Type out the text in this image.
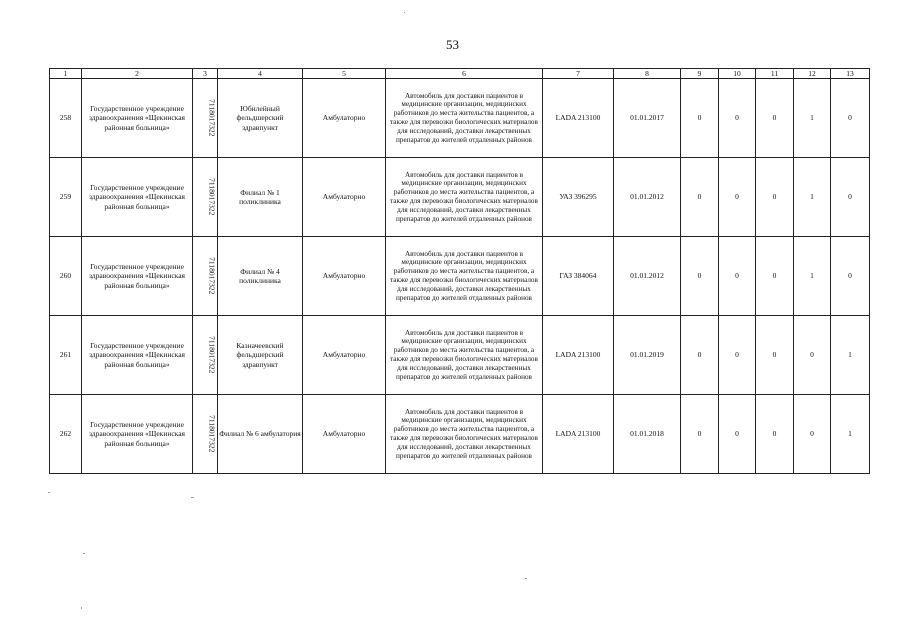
53
1	2	3	4	5	6	7	8	9	10	11	12	13

258	Государственное учреждение здравоохранения «Щекинская районная больница»	7118017322	Юбилейный фельдшерский здравпункт	Амбулаторно	Автомобиль для доставки пациентов в медицинские организации, медицинских работников до места жительства пациентов, а также для перевозки биологических материалов для исследований, доставки лекарственных препаратов до жителей отдаленных районов	LADA 213100	01.01.2017	0	0	0	1	0

259	Государственное учреждение здравоохранения «Щекинская районная больница»	7118017322	Филиал № 1 поликлиника	Амбулаторно	Автомобиль для доставки пациентов в медицинские организации, медицинских работников до места жительства пациентов, а также для перевозки биологических материалов для исследований, доставки лекарственных препаратов до жителей отдаленных районов	УАЗ 396295	01.01.2012	0	0	0	1	0

260	Государственное учреждение здравоохранения «Щекинская районная больница»	7118017322	Филиал № 4 поликлиника	Амбулаторно	Автомобиль для доставки пациентов в медицинские организации, медицинских работников до места жительства пациентов, а также для перевозки биологических материалов для исследований, доставки лекарственных препаратов до жителей отдаленных районов	ГАЗ 384064	01.01.2012	0	0	0	1	0

261	Государственное учреждение здравоохранения «Щекинская районная больница»	7118017322	Казначеевский фельдшерский здравпункт	Амбулаторно	Автомобиль для доставки пациентов в медицинские организации, медицинских работников до места жительства пациентов, а также для перевозки биологических материалов для исследований, доставки лекарственных препаратов до жителей отдаленных районов	LADA 213100	01.01.2019	0	0	0	0	1

262	Государственное учреждение здравоохранения «Щекинская районная больница»	7118017322	Филиал № 6 амбулатория	Амбулаторно	Автомобиль для доставки пациентов в медицинские организации, медицинских работников до места жительства пациентов, а также для перевозки биологических материалов для исследований, доставки лекарственных препаратов до жителей отдаленных районов	LADA 213100	01.01.2018	0	0	0	0	1
